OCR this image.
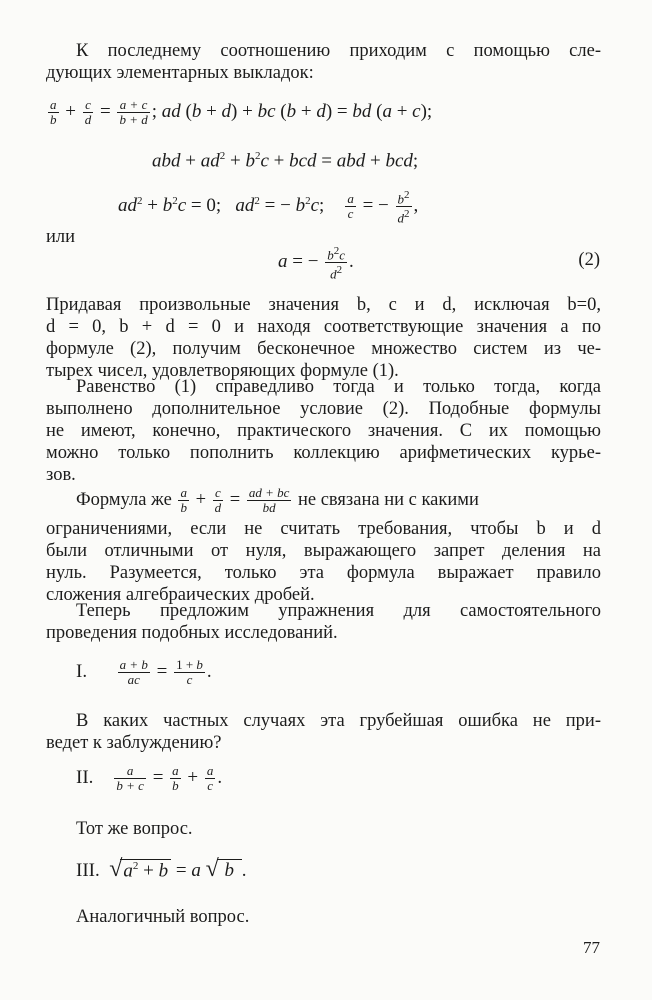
К последнему соотношению приходим с помощью сле-
дующих элементарных выкладок:
$\frac{a}{b} + \frac{c}{d} = \frac{a + c}{b + d}$ ; ad (b + d) + bc (b + d) = bd (a + c);
abd + $ad^2 + b^2c$ + bcd = abd + bcd;
$ad^2 + b^2c = 0$;   $ad^2$ = − $b^2c$; $\frac{a}{c}$ = − $\frac{b^2}{d^2}$ ,
или
a = − $\frac{b^2c}{d^2}$ .	(2)
Придавая произвольные значения b, c и d, исключая b=0,
d = 0, b + d = 0 и находя соответствующие значения a по
формуле (2), получим бесконечное множество систем из че-
тырех чисел, удовлетворяющих формуле (1).
Равенство (1) справедливо тогда и только тогда, когда
выполнено дополнительное условие (2). Подобные формулы
не имеют, конечно, практического значения. С их помощью
можно только пополнить коллекцию арифметических курье-
зов.
Формула же $\frac{a}{b} + \frac{c}{d} = \frac{ad + bc}{bd}$ не связана ни с какими
ограничениями, если не считать требования, чтобы b и d
были отличными от нуля, выражающего запрет деления на
нуль. Разумеется, только эта формула выражает правило
сложения алгебраических дробей.
Теперь предложим упражнения для самостоятельного
проведения подобных исследований.
I. $\frac{a + b}{ac} = \frac{1 + b}{c}$ .
В каких частных случаях эта грубейшая ошибка не при-
ведет к заблуждению?
II. $\frac{a}{b + c} = \frac{a}{b} + \frac{a}{c}$ .
Тот же вопрос.
III.  $√a^2 + b = a$ √ b .
Аналогичный вопрос.
77
